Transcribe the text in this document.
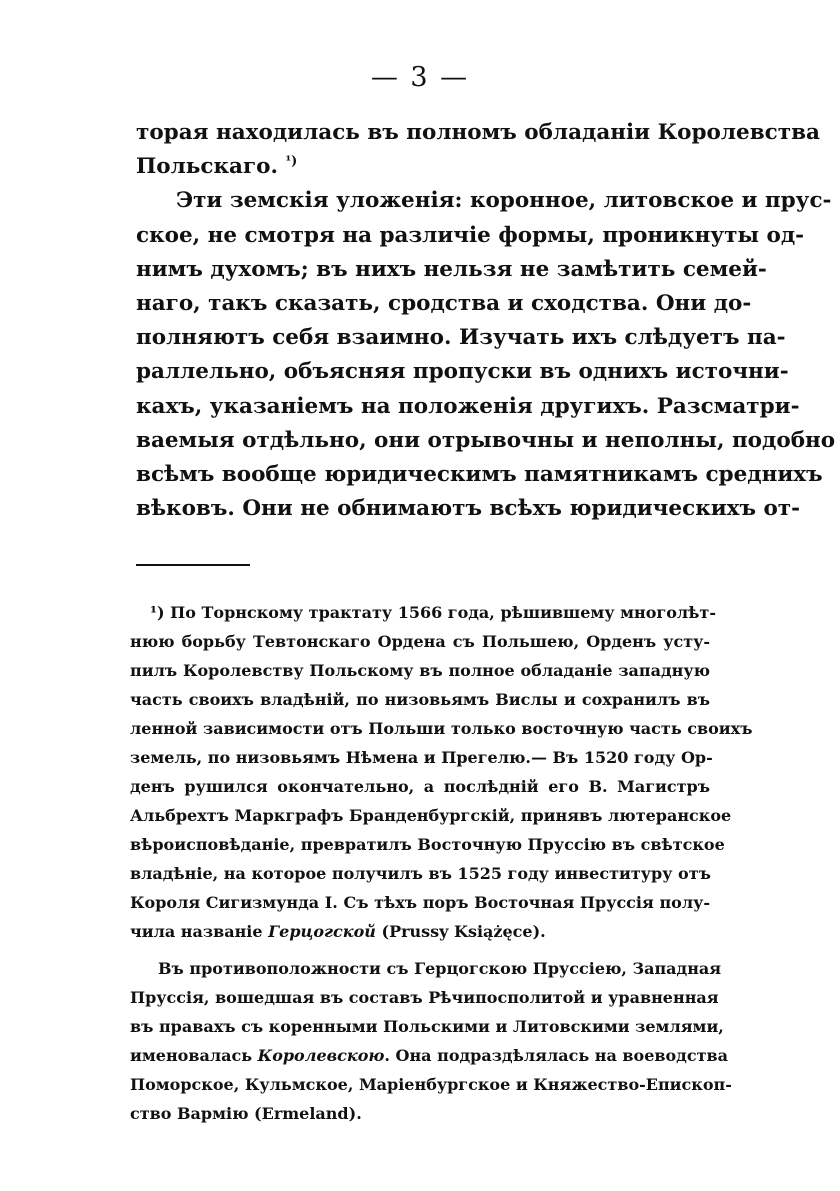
— 3 —
торая находилась въ полномъ обладаніи Королевства
Польскаго. $^{^1)}$
Эти земскія уложенія: коронное, литовское и прус-
ское, не смотря на различіе формы, проникнуты од-
нимъ духомъ; въ нихъ нельзя не замѣтить семей-
наго, такъ сказать, сродства и сходства. Они до-
полняютъ себя взаимно. Изучать ихъ слѣдуетъ па-
раллельно, объясняя пропуски въ однихъ источни-
кахъ, указаніемъ на положенія другихъ. Разсматри-
ваемыя отдѣльно, они отрывочны и неполны, подобно
всѣмъ вообще юридическимъ памятникамъ среднихъ
вѣковъ. Они не обнимаютъ всѣхъ юридическихъ от-
¹) По Торнскому трактату 1566 года, рѣшившему многолѣт-
нюю борьбу Тевтонскаго Ордена съ Польшею, Орденъ усту-
пилъ Королевству Польскому въ полное обладаніе западную
часть своихъ владѣній, по низовьямъ Вислы и сохранилъ въ
ленной зависимости отъ Польши только восточную часть своихъ
земель, по низовьямъ Нѣмена и Прегелю.— Въ 1520 году Ор-
денъ рушился окончательно, а послѣдній его В. Магистръ
Альбрехтъ Маркграфъ Бранденбургскій, принявъ лютеранское
вѣроисповѣданіе, превратилъ Восточную Пруссію въ свѣтское
владѣніе, на которое получилъ въ 1525 году инвеституру отъ
Короля Сигизмунда I. Съ тѣхъ поръ Восточная Пруссія полу-
чила названіе Герцогской (Prussy Książęce).
Въ противоположности съ Герцогскою Пруссіею, Западная
Пруссія, вошедшая въ составъ Рѣчипосполитой и уравненная
въ правахъ съ коренными Польскими и Литовскими землями,
именовалась Королевскою. Она подраздѣлялась на воеводства
Поморское, Кульмское, Маріенбургское и Княжество-Епископ-
ство Вармію (Ermeland).
